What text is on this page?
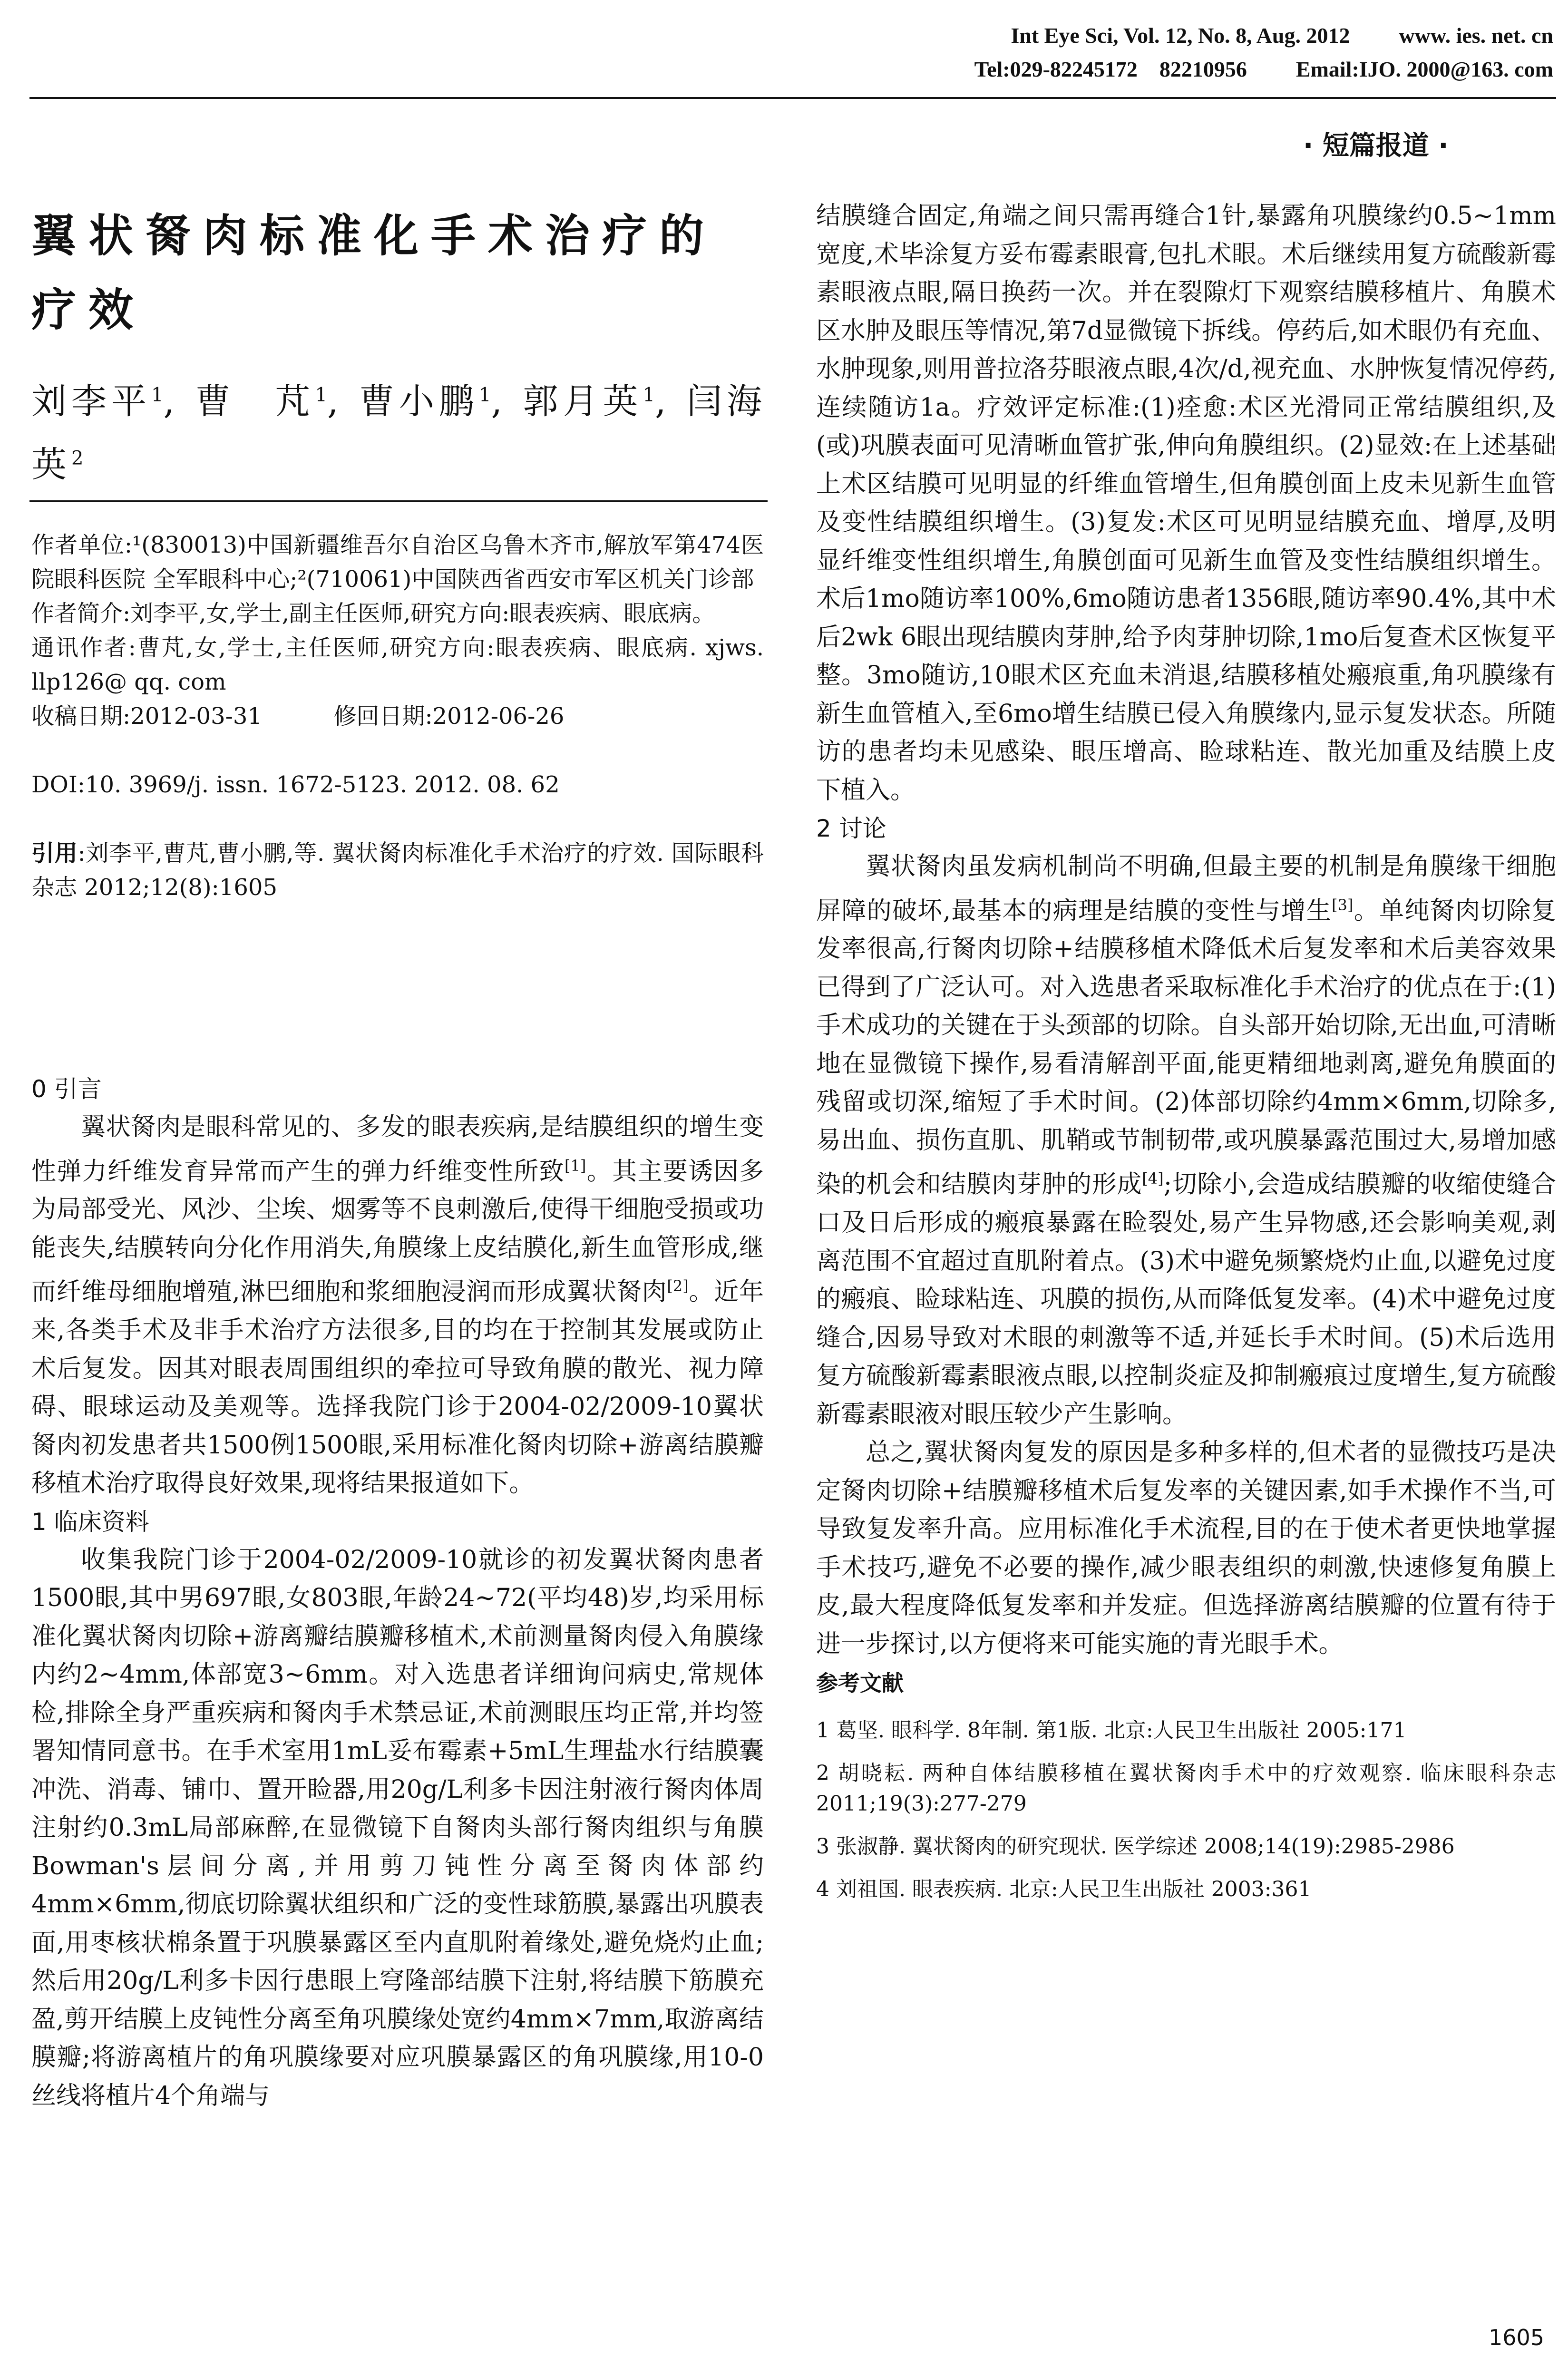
Int Eye Sci, Vol. 12, No. 8, Aug. 2012 www. ies. net. cn
Tel:029-82245172　82210956 Email:IJO. 2000@163. com
· 短篇报道 ·
翼状胬肉标准化手术治疗的疗效
刘李平$^1$, 曹　芃$^1$, 曹小鹏$^1$, 郭月英$^1$, 闫海英$^2$

作者单位:¹(830013)中国新疆维吾尔自治区乌鲁木齐市,解放军第474医院眼科医院 全军眼科中心;²(710061)中国陕西省西安市军区机关门诊部

作者简介:刘李平,女,学士,副主任医师,研究方向:眼表疾病、眼底病。

通讯作者:曹芃,女,学士,主任医师,研究方向:眼表疾病、眼底病. xjws. llp126@ qq. com

收稿日期:2012-03-31	修回日期:2012-06-26

DOI:10. 3969/j. issn. 1672-5123. 2012. 08. 62

引用:刘李平,曹芃,曹小鹏,等. 翼状胬肉标准化手术治疗的疗效. 国际眼科杂志 2012;12(8):1605

0 引言

翼状胬肉是眼科常见的、多发的眼表疾病,是结膜组织的增生变性弹力纤维发育异常而产生的弹力纤维变性所致[1]。其主要诱因多为局部受光、风沙、尘埃、烟雾等不良刺激后,使得干细胞受损或功能丧失,结膜转向分化作用消失,角膜缘上皮结膜化,新生血管形成,继而纤维母细胞增殖,淋巴细胞和浆细胞浸润而形成翼状胬肉[2]。近年来,各类手术及非手术治疗方法很多,目的均在于控制其发展或防止术后复发。因其对眼表周围组织的牵拉可导致角膜的散光、视力障碍、眼球运动及美观等。选择我院门诊于2004-02/2009-10翼状胬肉初发患者共1500例1500眼,采用标准化胬肉切除+游离结膜瓣移植术治疗取得良好效果,现将结果报道如下。

1 临床资料

收集我院门诊于2004-02/2009-10就诊的初发翼状胬肉患者1500眼,其中男697眼,女803眼,年龄24~72(平均48)岁,均采用标准化翼状胬肉切除+游离瓣结膜瓣移植术,术前测量胬肉侵入角膜缘内约2~4mm,体部宽3~6mm。对入选患者详细询问病史,常规体检,排除全身严重疾病和胬肉手术禁忌证,术前测眼压均正常,并均签署知情同意书。在手术室用1mL妥布霉素+5mL生理盐水行结膜囊冲洗、消毒、铺巾、置开睑器,用20g/L利多卡因注射液行胬肉体周注射约0.3mL局部麻醉,在显微镜下自胬肉头部行胬肉组织与角膜Bowman's层间分离,并用剪刀钝性分离至胬肉体部约4mm×6mm,彻底切除翼状组织和广泛的变性球筋膜,暴露出巩膜表面,用枣核状棉条置于巩膜暴露区至内直肌附着缘处,避免烧灼止血;然后用20g/L利多卡因行患眼上穹隆部结膜下注射,将结膜下筋膜充盈,剪开结膜上皮钝性分离至角巩膜缘处宽约4mm×7mm,取游离结膜瓣;将游离植片的角巩膜缘要对应巩膜暴露区的角巩膜缘,用10-0丝线将植片4个角端与

结膜缝合固定,角端之间只需再缝合1针,暴露角巩膜缘约0.5~1mm宽度,术毕涂复方妥布霉素眼膏,包扎术眼。术后继续用复方硫酸新霉素眼液点眼,隔日换药一次。并在裂隙灯下观察结膜移植片、角膜术区水肿及眼压等情况,第7d显微镜下拆线。停药后,如术眼仍有充血、水肿现象,则用普拉洛芬眼液点眼,4次/d,视充血、水肿恢复情况停药,连续随访1a。疗效评定标准:(1)痊愈:术区光滑同正常结膜组织,及(或)巩膜表面可见清晰血管扩张,伸向角膜组织。(2)显效:在上述基础上术区结膜可见明显的纤维血管增生,但角膜创面上皮未见新生血管及变性结膜组织增生。(3)复发:术区可见明显结膜充血、增厚,及明显纤维变性组织增生,角膜创面可见新生血管及变性结膜组织增生。术后1mo随访率100%,6mo随访患者1356眼,随访率90.4%,其中术后2wk 6眼出现结膜肉芽肿,给予肉芽肿切除,1mo后复查术区恢复平整。3mo随访,10眼术区充血未消退,结膜移植处瘢痕重,角巩膜缘有新生血管植入,至6mo增生结膜已侵入角膜缘内,显示复发状态。所随访的患者均未见感染、眼压增高、睑球粘连、散光加重及结膜上皮下植入。

2 讨论

翼状胬肉虽发病机制尚不明确,但最主要的机制是角膜缘干细胞屏障的破坏,最基本的病理是结膜的变性与增生[3]。单纯胬肉切除复发率很高,行胬肉切除+结膜移植术降低术后复发率和术后美容效果已得到了广泛认可。对入选患者采取标准化手术治疗的优点在于:(1)手术成功的关键在于头颈部的切除。自头部开始切除,无出血,可清晰地在显微镜下操作,易看清解剖平面,能更精细地剥离,避免角膜面的残留或切深,缩短了手术时间。(2)体部切除约4mm×6mm,切除多,易出血、损伤直肌、肌鞘或节制韧带,或巩膜暴露范围过大,易增加感染的机会和结膜肉芽肿的形成[4];切除小,会造成结膜瓣的收缩使缝合口及日后形成的瘢痕暴露在睑裂处,易产生异物感,还会影响美观,剥离范围不宜超过直肌附着点。(3)术中避免频繁烧灼止血,以避免过度的瘢痕、睑球粘连、巩膜的损伤,从而降低复发率。(4)术中避免过度缝合,因易导致对术眼的刺激等不适,并延长手术时间。(5)术后选用复方硫酸新霉素眼液点眼,以控制炎症及抑制瘢痕过度增生,复方硫酸新霉素眼液对眼压较少产生影响。

总之,翼状胬肉复发的原因是多种多样的,但术者的显微技巧是决定胬肉切除+结膜瓣移植术后复发率的关键因素,如手术操作不当,可导致复发率升高。应用标准化手术流程,目的在于使术者更快地掌握手术技巧,避免不必要的操作,减少眼表组织的刺激,快速修复角膜上皮,最大程度降低复发率和并发症。但选择游离结膜瓣的位置有待于进一步探讨,以方便将来可能实施的青光眼手术。

参考文献

1 葛坚. 眼科学. 8年制. 第1版. 北京:人民卫生出版社 2005:171

2 胡晓耘. 两种自体结膜移植在翼状胬肉手术中的疗效观察. 临床眼科杂志 2011;19(3):277-279

3 张淑静. 翼状胬肉的研究现状. 医学综述 2008;14(19):2985-2986

4 刘祖国. 眼表疾病. 北京:人民卫生出版社 2003:361

1605
